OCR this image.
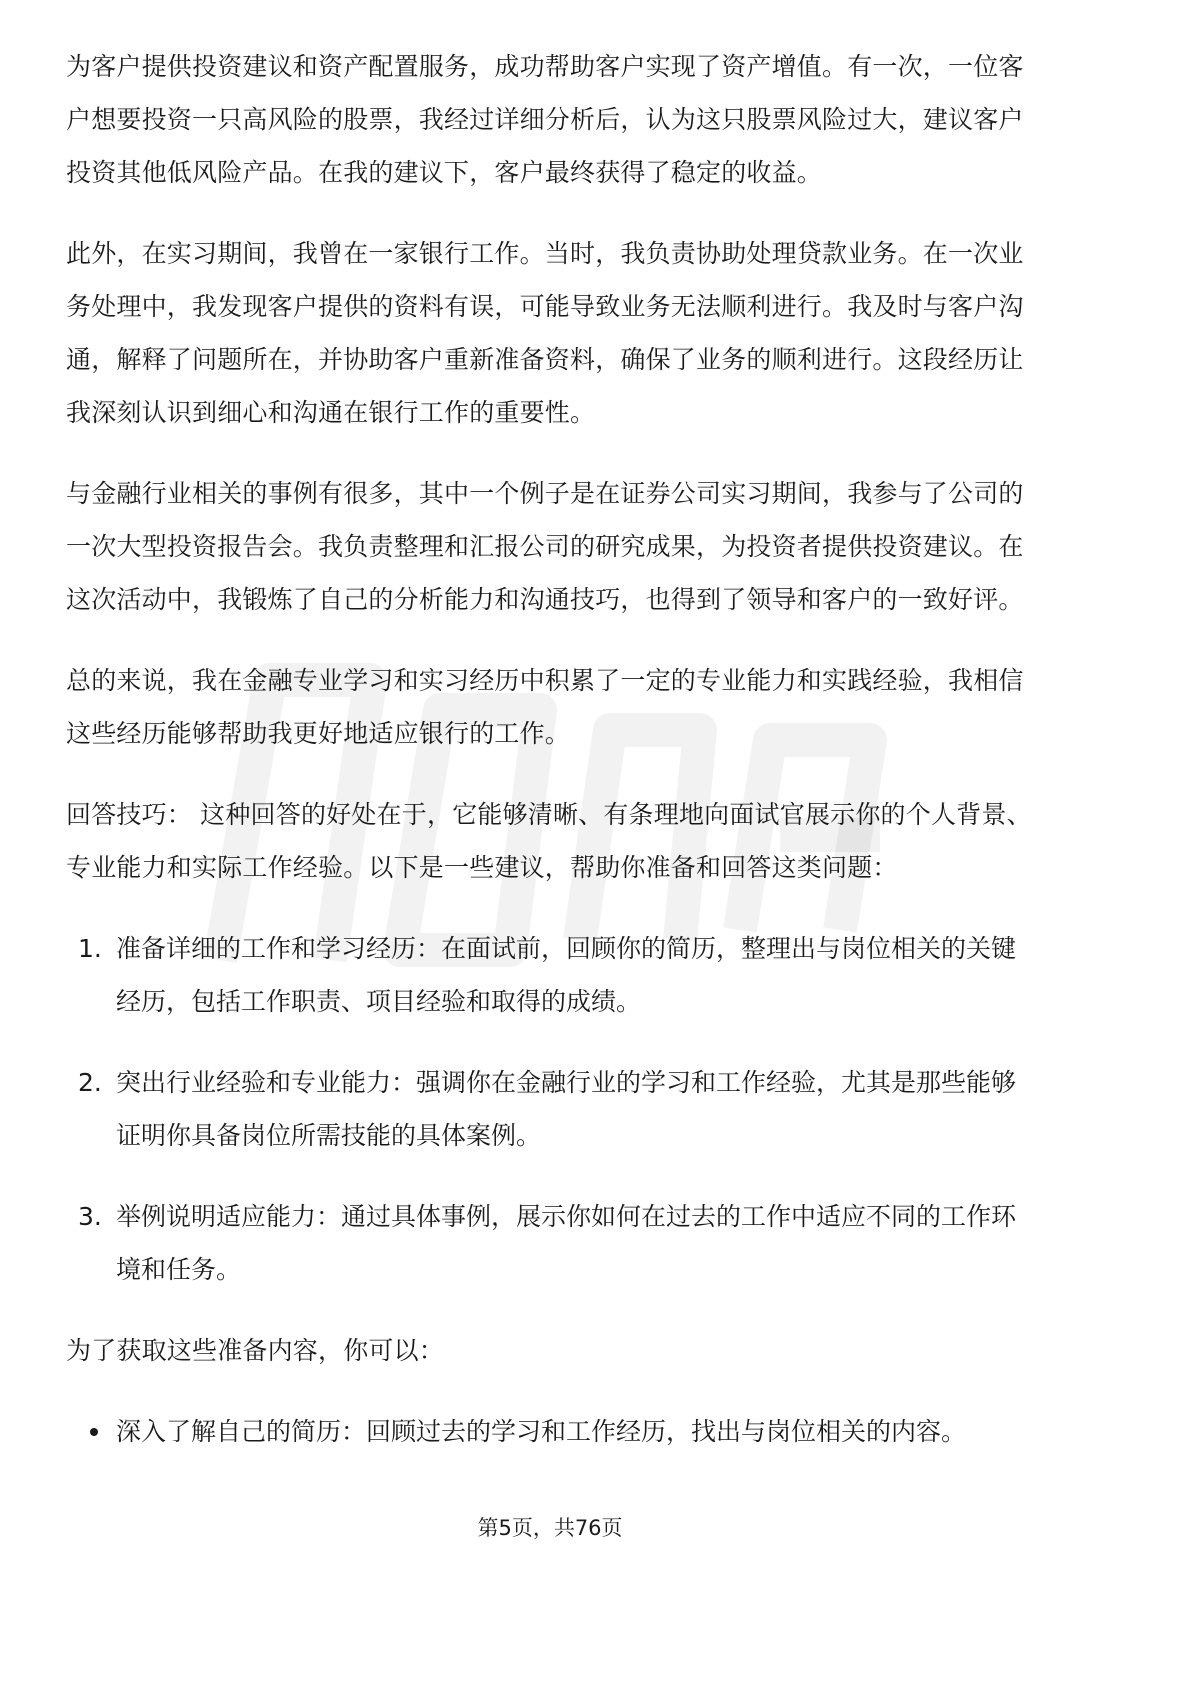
为客户提供投资建议和资产配置服务，成功帮助客户实现了资产增值。有一次，一位客户想要投资一只高风险的股票，我经过详细分析后，认为这只股票风险过大，建议客户投资其他低风险产品。在我的建议下，客户最终获得了稳定的收益。

此外，在实习期间，我曾在一家银行工作。当时，我负责协助处理贷款业务。在一次业务处理中，我发现客户提供的资料有误，可能导致业务无法顺利进行。我及时与客户沟通，解释了问题所在，并协助客户重新准备资料，确保了业务的顺利进行。这段经历让我深刻认识到细心和沟通在银行工作的重要性。

与金融行业相关的事例有很多，其中一个例子是在证券公司实习期间，我参与了公司的一次大型投资报告会。我负责整理和汇报公司的研究成果，为投资者提供投资建议。在这次活动中，我锻炼了自己的分析能力和沟通技巧，也得到了领导和客户的一致好评。

总的来说，我在金融专业学习和实习经历中积累了一定的专业能力和实践经验，我相信这些经历能够帮助我更好地适应银行的工作。

回答技巧： 这种回答的好处在于，它能够清晰、有条理地向面试官展示你的个人背景、专业能力和实际工作经验。以下是一些建议，帮助你准备和回答这类问题：

1. 准备详细的工作和学习经历：在面试前，回顾你的简历，整理出与岗位相关的关键经历，包括工作职责、项目经验和取得的成绩。
2. 突出行业经验和专业能力：强调你在金融行业的学习和工作经验，尤其是那些能够证明你具备岗位所需技能的具体案例。
3. 举例说明适应能力：通过具体事例，展示你如何在过去的工作中适应不同的工作环境和任务。

为了获取这些准备内容，你可以：

深入了解自己的简历：回顾过去的学习和工作经历，找出与岗位相关的内容。
第5页，共76页
